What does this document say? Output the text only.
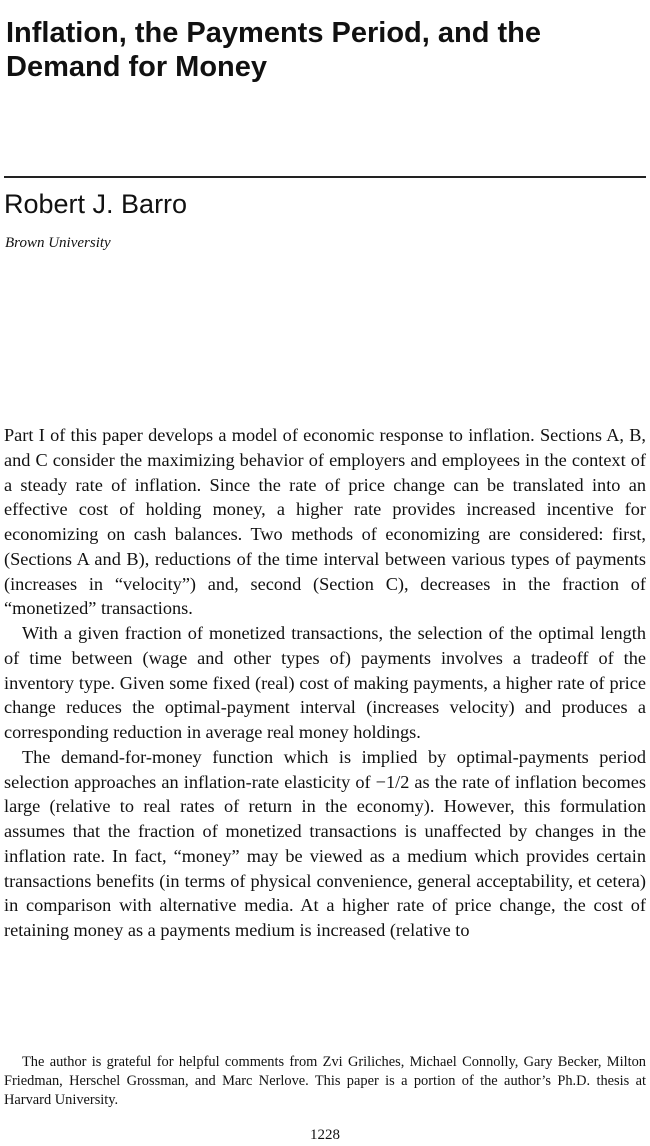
Inflation, the Payments Period, and the Demand for Money
Robert J. Barro
Brown University

Part I of this paper develops a model of economic response to inflation. Sections A, B, and C consider the maximizing behavior of employers and employees in the context of a steady rate of inflation. Since the rate of price change can be translated into an effective cost of holding money, a higher rate provides increased incentive for economizing on cash balances. Two methods of economizing are considered: first, (Sections A and B), reductions of the time interval between various types of payments (increases in “velocity”) and, second (Section C), decreases in the fraction of “monetized” transactions.

With a given fraction of monetized transactions, the selection of the optimal length of time between (wage and other types of) payments involves a tradeoff of the inventory type. Given some fixed (real) cost of making payments, a higher rate of price change reduces the optimal-payment interval (increases velocity) and produces a corresponding reduction in average real money holdings.

The demand-for-money function which is implied by optimal-payments period selection approaches an inflation-rate elasticity of −1/2 as the rate of inflation becomes large (relative to real rates of return in the economy). However, this formulation assumes that the fraction of monetized transactions is unaffected by changes in the inflation rate. In fact, “money” may be viewed as a medium which provides certain transactions benefits (in terms of physical convenience, general acceptability, et cetera) in comparison with alternative media. At a higher rate of price change, the cost of retaining money as a payments medium is increased (relative to

The author is grateful for helpful comments from Zvi Griliches, Michael Connolly, Gary Becker, Milton Friedman, Herschel Grossman, and Marc Nerlove. This paper is a portion of the author’s Ph.D. thesis at Harvard University.

1228
